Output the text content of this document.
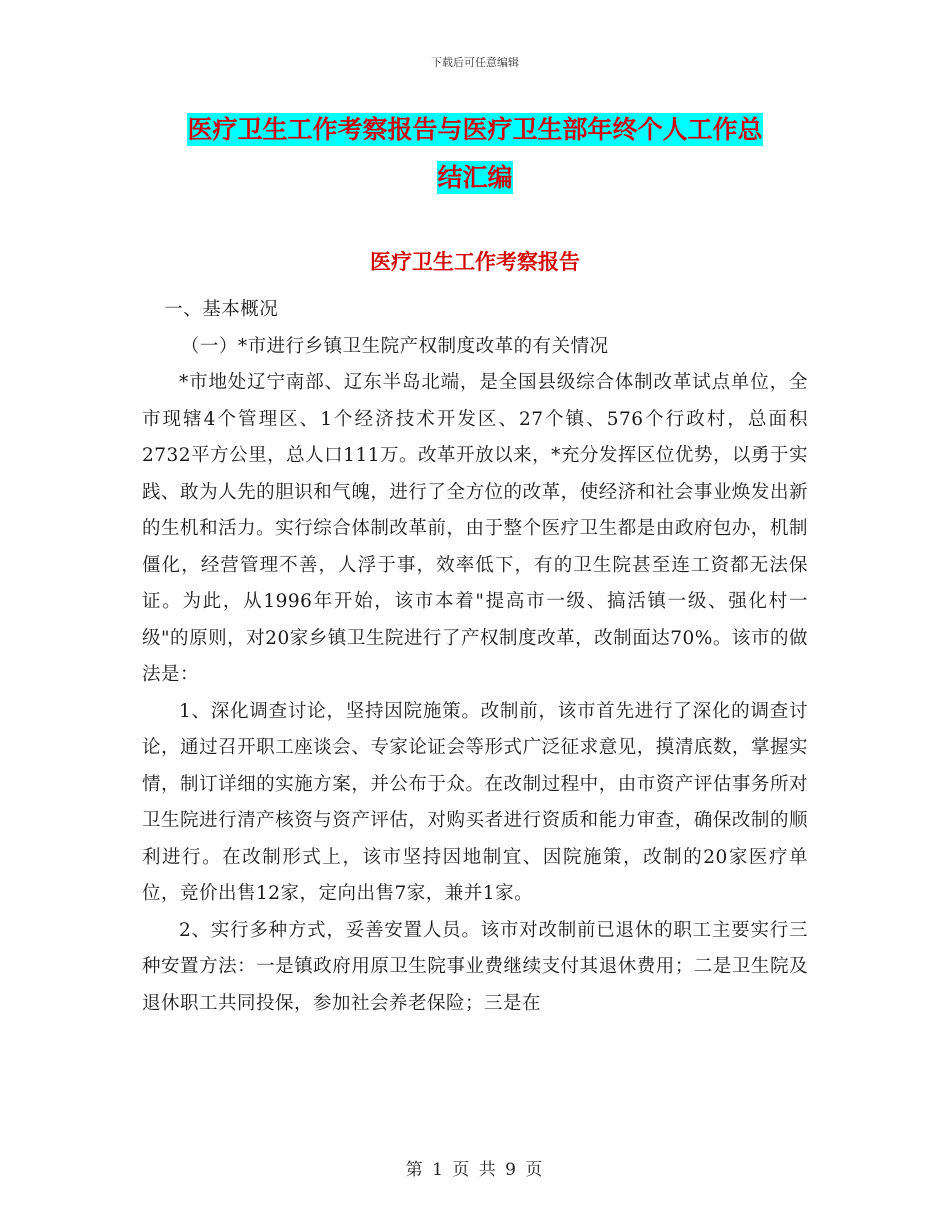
下载后可任意编辑
医疗卫生工作考察报告与医疗卫生部年终个人工作总
结汇编
医疗卫生工作考察报告

一、基本概况

（一）*市进行乡镇卫生院产权制度改革的有关情况

*市地处辽宁南部、辽东半岛北端，是全国县级综合体制改革试点单位，全市现辖4个管理区、1个经济技术开发区、27个镇、576个行政村，总面积2732平方公里，总人口111万。改革开放以来，*充分发挥区位优势，以勇于实践、敢为人先的胆识和气魄，进行了全方位的改革，使经济和社会事业焕发出新的生机和活力。实行综合体制改革前，由于整个医疗卫生都是由政府包办，机制僵化，经营管理不善，人浮于事，效率低下，有的卫生院甚至连工资都无法保证。为此，从1996年开始，该市本着"提高市一级、搞活镇一级、强化村一级"的原则，对20家乡镇卫生院进行了产权制度改革，改制面达70%。该市的做法是：

1、深化调查讨论，坚持因院施策。改制前，该市首先进行了深化的调查讨论，通过召开职工座谈会、专家论证会等形式广泛征求意见，摸清底数，掌握实情，制订详细的实施方案，并公布于众。在改制过程中，由市资产评估事务所对卫生院进行清产核资与资产评估，对购买者进行资质和能力审查，确保改制的顺利进行。在改制形式上，该市坚持因地制宜、因院施策，改制的20家医疗单位，竞价出售12家，定向出售7家，兼并1家。

2、实行多种方式，妥善安置人员。该市对改制前已退休的职工主要实行三种安置方法：一是镇政府用原卫生院事业费继续支付其退休费用；二是卫生院及退休职工共同投保，参加社会养老保险；三是在

第 1 页 共 9 页
